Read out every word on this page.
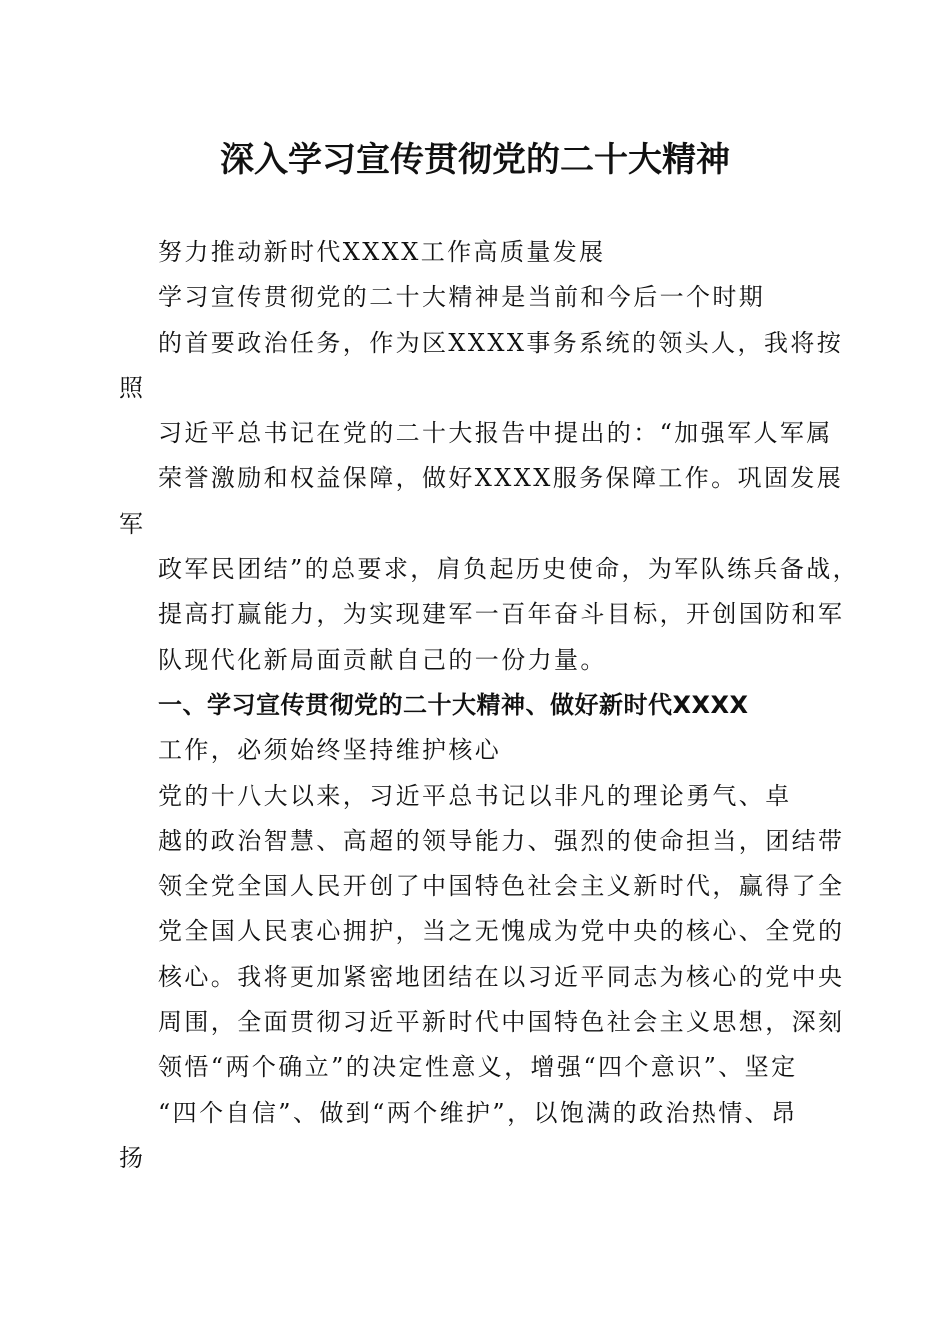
深入学习宣传贯彻党的二十大精神
努力推动新时代XXXX工作高质量发展
学习宣传贯彻党的二十大精神是当前和今后一个时期
的首要政治任务，作为区XXXX事务系统的领头人，我将按
照
习近平总书记在党的二十大报告中提出的：“加强军人军属
荣誉激励和权益保障，做好XXXX服务保障工作。巩固发展
军
政军民团结”的总要求，肩负起历史使命，为军队练兵备战，
提高打赢能力，为实现建军一百年奋斗目标，开创国防和军
队现代化新局面贡献自己的一份力量。
一、学习宣传贯彻党的二十大精神、做好新时代XXXX
工作，必须始终坚持维护核心
党的十八大以来，习近平总书记以非凡的理论勇气、卓
越的政治智慧、高超的领导能力、强烈的使命担当，团结带
领全党全国人民开创了中国特色社会主义新时代，赢得了全
党全国人民衷心拥护，当之无愧成为党中央的核心、全党的
核心。我将更加紧密地团结在以习近平同志为核心的党中央
周围，全面贯彻习近平新时代中国特色社会主义思想，深刻
领悟“两个确立”的决定性意义，增强“四个意识”、坚定
“四个自信”、做到“两个维护”，以饱满的政治热情、昂
扬
